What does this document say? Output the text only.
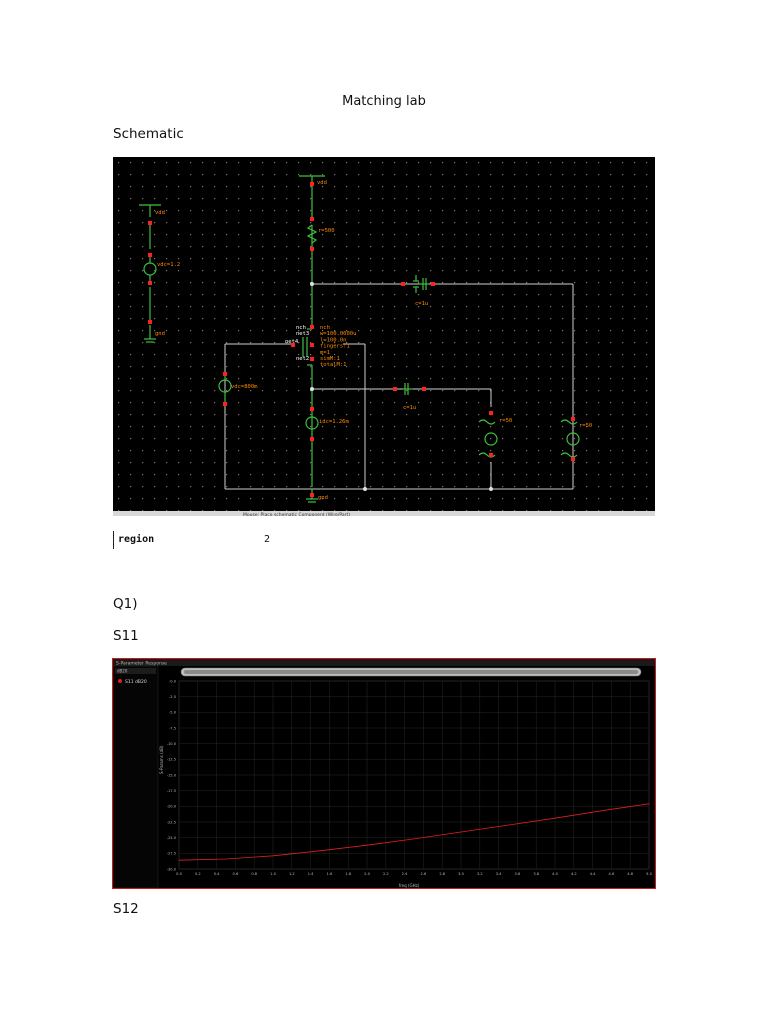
Matching lab
Schematic
vdd
vdc=1.2
gnd
vdd
r=500
c=1u
nch
net3
net4
net2
nch
w=100.0000u
l=100.0n
fingers:1
m=1
simM:1
totalM:1
vdc=800m
idc=1.26m
c=1u
r=50
r=50
gnd
Mouse: Place schematic Component (Wire/Part)
region	2
Q1)
S11
S-Parameter Response
dB20
S11 dB20
S-Params (dB)
-0.0
-2.5
-5.0
-7.5
-10.0
-12.5
-15.0
-17.5
-20.0
-22.5
-25.0
-27.5
-30.0
0.0	0.2	0.4	0.6	0.8	1.0	1.2	1.4	1.6	1.8	2.0	2.2	2.4	2.6	2.8	3.0	3.2	3.4	3.6	3.8	4.0	4.2	4.4	4.6	4.8	5.0
freq (GHz)
S12
